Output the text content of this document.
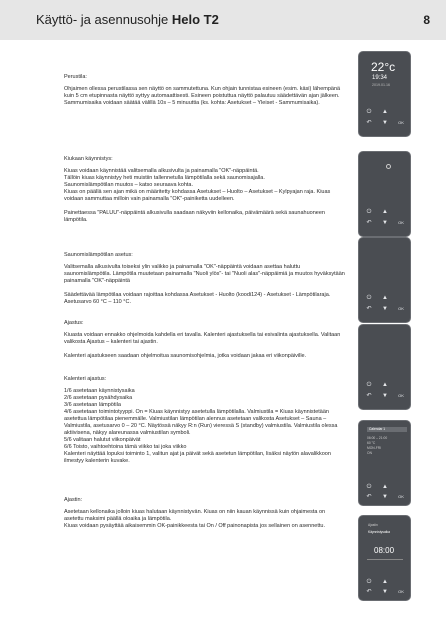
Käyttö- ja asennusohje Helo T2	8

Perustila:

Ohjaimen ollessa perustilassa sen näyttö on sammutettuna. Kun ohjain tunnistaa esineen (esim. käsi) lähempänä kuin 5 cm etupinnasta näyttö syttyy automaattisesti. Esineen poistuttua näyttö palautuu säädettävän ajan jälkeen. Sammumisaika voidaan säätää välillä 10s – 5 minuuttia (ks. kohta: Asetukset – Yleiset - Sammumisaika).

Kiukaan käynnistys:

Kiuas voidaan käynnistää valitsemalla alkusivulta ja painamalla "OK"-näppäintä.
Tällöin kiuas käynnistyy heti muistiin tallennetulla lämpötilalla sekä saunomisajalla.
Saunomislämpötilan muutos – katso seuraava kohta.
Kiuas on päällä sen ajan mikä on määritetty kohdassa Asetukset – Huolto – Asetukset – Kylpyajan raja. Kiuas voidaan sammuttaa milloin vain painamalla "OK"-painiketta uudelleen.

Painettaessa "PALUU"-näppäintä alkusivulla saadaan näkyviin kellonaika, päivämäärä sekä saunahuoneen lämpötila.

Saunomislämpötilan asetus:

Valitsemalla alkusivulta toiseksi ylin valikko ja painamalla "OK"-näppäintä voidaan asettaa haluttu saunomislämpötila. Lämpötila muutetaan painamalla "Nuoli ylös"- tai "Nuoli alas"-näppäimiä ja muutos hyväksytään painamalla "OK"-näppäintä

Säädettävää lämpötilaa voidaan rajoittaa kohdassa Asetukset - Huolto (koodi124) - Asetukset - Lämpötilaraja. Asetusarvo 60 °C – 110 °C.

Ajastus:

Kiuasta voidaan ennakko ohjelmoida kahdella eri tavalla. Kalenteri ajastuksella tai esivalinta ajastuksella. Valitaan valikosta Ajastus – kalenteri tai ajastin.

Kalenteri ajastukseen saadaan ohjelmoitua saunomisohjelmia, jotka voidaan jakaa eri viikonpäiville.

Kalenteri ajastus:

1/6 asetetaan käynnistysaika
2/6 asetetaan pysähdysaika
3/6 asetetaan lämpötila
4/6 asetetaan toimintotyyppi. On = Kiuas käynnistyy asetetulla lämpötilalla. Valmiustila = Kiuas käynnistetään asetettua lämpötilaa pienemmälle. Valmiustilan lämpötilan alennus asetetaan valikosta Asetukset – Sauna – Valmiustila, asetusarvo 0 – 20 °C. Näytössä näkyy R:n (Run) vieressä S (standby) valmiustila. Valmiustila olessa aktiivisena, näkyy alareunassa valmiustilan symboli.
5/6 valitaan halutut viikonpäivät
6/6 Toisto, vaihtoehtoina tämä viikko tai joka viikko
Kalenteri näyttää lopuksi toiminto 1, valitun ajat ja päivät sekä asetetun lämpötilan, lisäksi näytön alavalikkoon ilmestyy kalenterin kuvake.

Ajastin:

Asetetaan kellonaika jolloin kiuas halutaan käynnistyvän. Kiuas on niin kauan käynnissä kuin ohjaimesta on asetettu maksimi päällä oloaika ja lämpötila.
Kiuas voidaan pysäyttää aikaisemmin OK-painikkeesta tai On / Off painonapista jos sellainen on asennettu.

22°c
19:34
2019.01.16
⏻	▲
↶	▼	OK
⏻	▲
↶	▼	OK
⏻	▲
↶	▼	OK
⏻	▲
↶	▼	OK
Calendar 1
06:00 – 21:00
60 °C
MON-FRI
ON
⏻	▲
↶	▼	OK
Ajastin
Käynnistysaika
08:00
⏻	▲
↶	▼	OK
